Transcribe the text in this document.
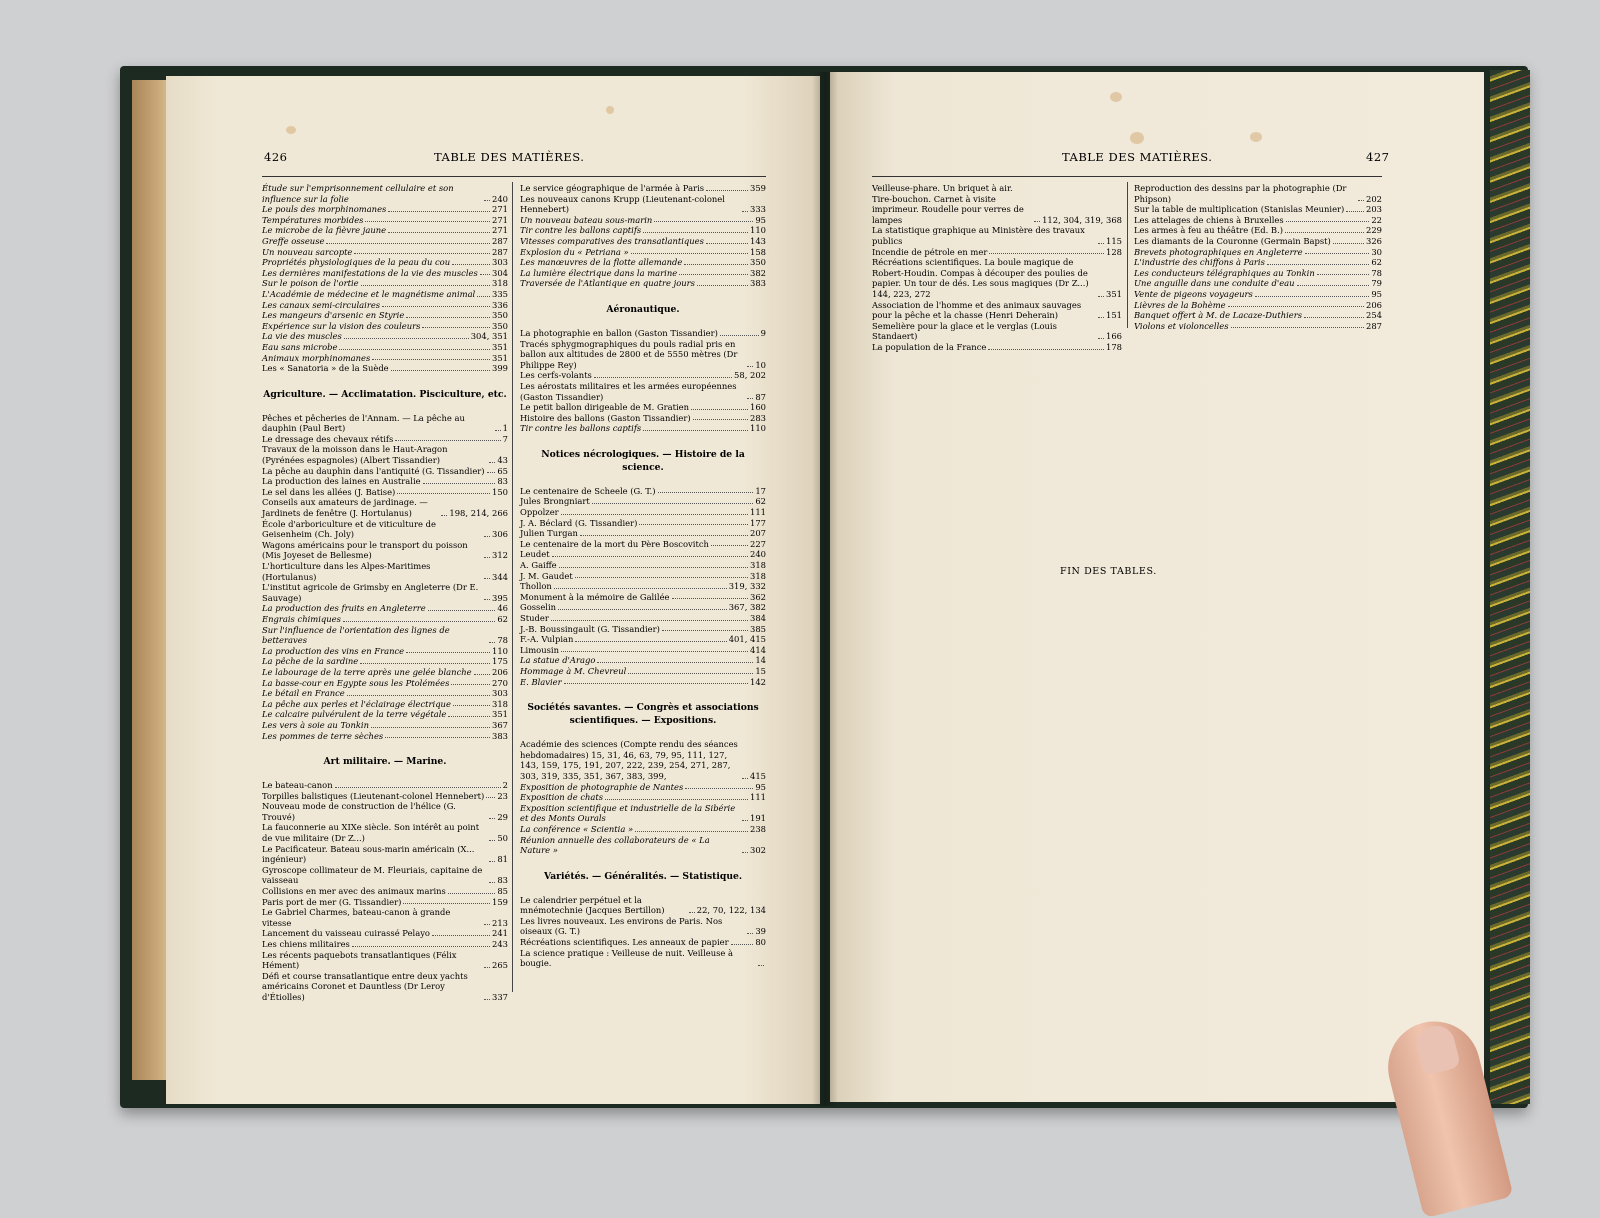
426	TABLE DES MATIÈRES.	TABLE DES MATIÈRES.	427
Étude sur l'emprisonnement cellulaire et son influence sur la folie	240
Le pouls des morphinomanes	271
Températures morbides	271
Le microbe de la fièvre jaune	271
Greffe osseuse	287
Un nouveau sarcopte	287
Propriétés physiologiques de la peau du cou	303
Les dernières manifestations de la vie des muscles 304
Sur le poison de l'ortie	318
L'Académie de médecine et le magnétisme animal 335
Les canaux semi-circulaires	336
Les mangeurs d'arsenic en Styrie	350
Expérience sur la vision des couleurs	350
La vie des muscles	304, 351
Eau sans microbe	351
Animaux morphinomanes	351
Les « Sanatoria » de la Suède	399
Agriculture. — Acclimatation. Pisciculture, etc.
Pêches et pêcheries de l'Annam. — La pêche au dauphin (Paul Bert)	1
Le dressage des chevaux rétifs	7
Travaux de la moisson dans le Haut-Aragon (Pyrénées espagnoles) (Albert Tissandier)	43
La pêche au dauphin dans l'antiquité (G. Tissandier) 65
La production des laines en Australie	83
Le sel dans les allées (J. Batise)	150
Conseils aux amateurs de jardinage. — Jardinets de fenêtre (J. Hortulanus)	198, 214, 266
École d'arboriculture et de viticulture de Geisenheim (Ch. Joly)	306
Wagons américains pour le transport du poisson (Mis Joyeset de Bellesme)	312
L'horticulture dans les Alpes-Maritimes (Hortulanus)	344
L'institut agricole de Grimsby en Angleterre (Dr E. Sauvage)	395
La production des fruits en Angleterre	46
Engrais chimiques	62
Sur l'influence de l'orientation des lignes de betteraves	78
La production des vins en France	110
La pêche de la sardine	175
Le labourage de la terre après une gelée blanche 206
La basse-cour en Egypte sous les Ptolémées	270
Le bétail en France	303
La pêche aux perles et l'éclairage électrique	318
Le calcaire pulvérulent de la terre végétale	351
Les vers à soie au Tonkin	367
Les pommes de terre sèches	383
Art militaire. — Marine.
Le bateau-canon	2
Torpilles balistiques (Lieutenant-colonel Hennebert) 23
Nouveau mode de construction de l'hélice (G. Trouvé)	29
La fauconnerie au XIXe siècle. Son intérêt au point de vue militaire (Dr Z...)	50
Le Pacificateur. Bateau sous-marin américain (X... ingénieur)	81
Gyroscope collimateur de M. Fleuriais, capitaine de vaisseau	83
Collisions en mer avec des animaux marins	85
Paris port de mer (G. Tissandier)	159
Le Gabriel Charmes, bateau-canon à grande vitesse	213
Lancement du vaisseau cuirassé Pelayo	241
Les chiens militaires	243
Les récents paquebots transatlantiques (Félix Hément)	265
Défi et course transatlantique entre deux yachts américains Coronet et Dauntless (Dr Leroy d'Étiolles)	337
Le service géographique de l'armée à Paris	359
Les nouveaux canons Krupp (Lieutenant-colonel Hennebert)	333
Un nouveau bateau sous-marin	95
Tir contre les ballons captifs	110
Vitesses comparatives des transatlantiques	143
Explosion du « Petriana »	158
Les manœuvres de la flotte allemande	350
La lumière électrique dans la marine	382
Traversée de l'Atlantique en quatre jours	383
Aéronautique.
La photographie en ballon (Gaston Tissandier)	9
Tracés sphygmographiques du pouls radial pris en ballon aux altitudes de 2800 et de 5550 mètres (Dr Philippe Rey)	10
Les cerfs-volants	58, 202
Les aérostats militaires et les armées européennes (Gaston Tissandier)	87
Le petit ballon dirigeable de M. Gratien	160
Histoire des ballons (Gaston Tissandier)	283
Tir contre les ballons captifs	110
Notices nécrologiques. — Histoire de la science.
Le centenaire de Scheele (G. T.)	17
Jules Brongniart	62
Oppolzer	111
J. A. Béclard (G. Tissandier)	177
Julien Turgan	207
Le centenaire de la mort du Père Boscovitch	227
Leudet	240
A. Gaiffe	318
J. M. Gaudet	318
Thollon	319, 332
Monument à la mémoire de Galilée	362
Gosselin	367, 382
Studer	384
J.-B. Boussingault (G. Tissandier)	385
F.-A. Vulpian	401, 415
Limousin	414
La statue d'Arago	14
Hommage à M. Chevreul	15
E. Blavier	142
Sociétés savantes. — Congrès et associations scientifiques. — Expositions.
Académie des sciences (Compte rendu des séances hebdomadaires) 15, 31, 46, 63, 79, 95, 111, 127, 143, 159, 175, 191, 207, 222, 239, 254, 271, 287, 303, 319, 335, 351, 367, 383, 399,	415
Exposition de photographie de Nantes	95
Exposition de chats	111
Exposition scientifique et industrielle de la Sibérie et des Monts Ourals	191
La conférence « Scientia »	238
Réunion annuelle des collaborateurs de « La Nature »	302
Variétés. — Généralités. — Statistique.
Le calendrier perpétuel et la mnémotechnie (Jacques Bertillon)	22, 70, 122, 134
Les livres nouveaux. Les environs de Paris. Nos oiseaux (G. T.)	39
Récréations scientifiques. Les anneaux de papier	80
La science pratique : Veilleuse de nuit. Veilleuse à bougie.
Veilleuse-phare. Un briquet à air. Tire-bouchon. Carnet à visite imprimeur. Roudelle pour verres de lampes	112, 304, 319, 368
La statistique graphique au Ministère des travaux publics	115
Incendie de pétrole en mer	128
Récréations scientifiques. La boule magique de Robert-Houdin. Compas à découper des poulies de papier. Un tour de dés. Les sous magiques (Dr Z...) 144, 223, 272	351
Association de l'homme et des animaux sauvages pour la pêche et la chasse (Henri Deherain)	151
Semelière pour la glace et le verglas (Louis Standaert)	166
La population de la France	178
Reproduction des dessins par la photographie (Dr Phipson)	202
Sur la table de multiplication (Stanislas Meunier)	203
Les attelages de chiens à Bruxelles	22
Les armes à feu au théâtre (Ed. B.)	229
Les diamants de la Couronne (Germain Bapst)	326
Brevets photographiques en Angleterre	30
L'industrie des chiffons à Paris	62
Les conducteurs télégraphiques au Tonkin	78
Une anguille dans une conduite d'eau	79
Vente de pigeons voyageurs	95
Lièvres de la Bohème	206
Banquet offert à M. de Lacaze-Duthiers	254
Violons et violoncelles	287
FIN DES TABLES.
